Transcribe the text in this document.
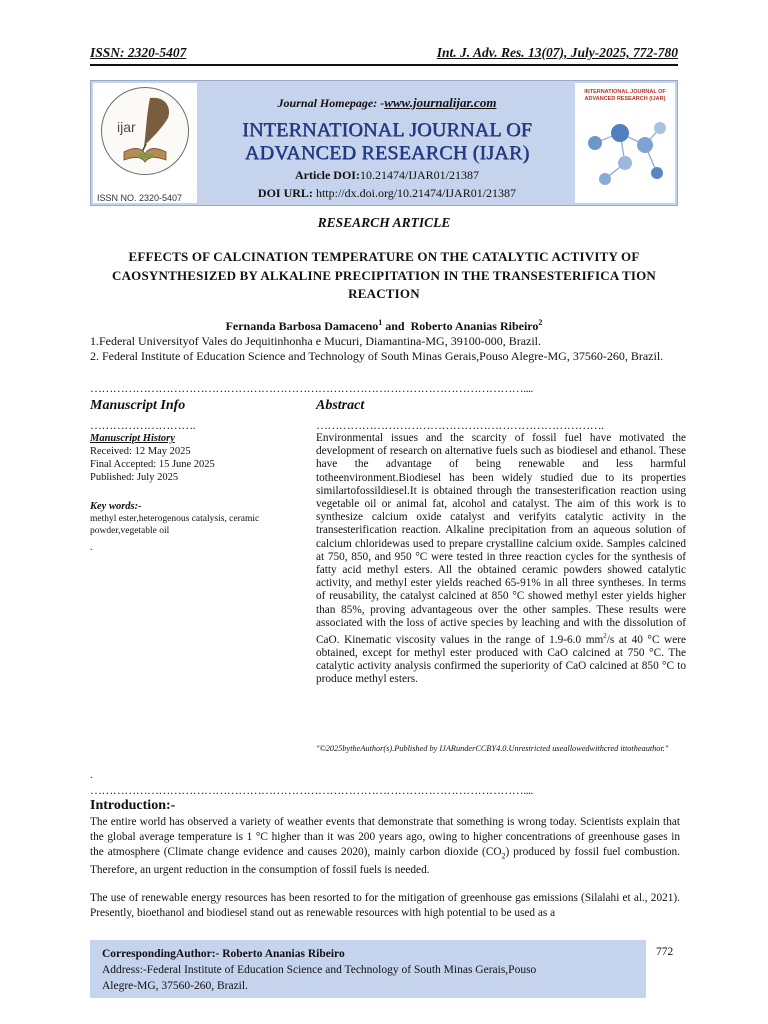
ISSN: 2320-5407	Int. J. Adv. Res. 13(07), July-2025, 772-780
ijar
ISSN NO. 2320-5407
Journal Homepage: -www.journalijar.com
INTERNATIONAL JOURNAL OF
ADVANCED RESEARCH (IJAR)
Article DOI:10.21474/IJAR01/21387
DOI URL: http://dx.doi.org/10.21474/IJAR01/21387
INTERNATIONAL JOURNAL OF ADVANCED RESEARCH (IJAR)
RESEARCH ARTICLE
EFFECTS OF CALCINATION TEMPERATURE ON THE CATALYTIC ACTIVITY OF CAOSYNTHESIZED BY ALKALINE PRECIPITATION IN THE TRANSESTERIFICA TION REACTION
Fernanda Barbosa Damaceno$^1$ and  Roberto Ananias Ribeiro$^2$
1.Federal Universityof Vales do Jequitinhonha e Mucuri, Diamantina-MG, 39100-000, Brazil.
2. Federal Institute of Education Science and Technology of South Minas Gerais,Pouso Alegre-MG, 37560-260, Brazil.
……………………………………………………………………………………………………....
Manuscript Info	Abstract
……………………….	………………………………………………………………….
Manuscript History
Received: 12 May 2025
Final Accepted: 15 June 2025
Published: July 2025
Key words:-
methyl ester,heterogenous catalysis, ceramic powder,vegetable oil
Environmental issues and the scarcity of fossil fuel have motivated the development of research on alternative fuels such as biodiesel and ethanol. These have the advantage of being renewable and less harmful totheenvironment.Biodiesel has been widely studied due to its properties similartofossildiesel.It is obtained through the transesterification reaction using vegetable oil or animal fat, alcohol and catalyst. The aim of this work is to synthesize calcium oxide catalyst and verifyits catalytic activity in the transesterification reaction. Alkaline precipitation from an aqueous solution of calcium chloridewas used to prepare crystalline calcium oxide. Samples calcined at 750, 850, and 950 °C were tested in three reaction cycles for the synthesis of fatty acid methyl esters. All the obtained ceramic powders showed catalytic activity, and methyl ester yields reached 65-91% in all three syntheses. In terms of reusability, the catalyst calcined at 850 °C showed methyl ester yields higher than 85%, proving advantageous over the other samples. These results were associated with the loss of active species by leaching and with the dissolution of CaO. Kinematic viscosity values in the range of 1.9-6.0 $mm^2/s$ at 40 °C were obtained, except for methyl ester produced with CaO calcined at 750 °C. The catalytic activity analysis confirmed the superiority of CaO calcined at 850 °C to produce methyl esters.
"©2025bytheAuthor(s).Published by IJARunderCCBY4.0.Unrestricted useallowedwithcred ittotheauthor."
.
.
……………………………………………………………………………………………………....
Introduction:-
The entire world has observed a variety of weather events that demonstrate that something is wrong today. Scientists explain that the global average temperature is 1 °C higher than it was 200 years ago, owing to higher concentrations of greenhouse gases in the atmosphere (Climate change evidence and causes 2020), mainly carbon dioxide $(CO_2)$ produced by fossil fuel combustion. Therefore, an urgent reduction in the consumption of fossil fuels is needed.
The use of renewable energy resources has been resorted to for the mitigation of greenhouse gas emissions (Silalahi et al., 2021). Presently, bioethanol and biodiesel stand out as renewable resources with high potential to be used as a
CorrespondingAuthor:- Roberto Ananias Ribeiro
Address:-Federal Institute of Education Science and Technology of South Minas Gerais,Pouso
Alegre-MG, 37560-260, Brazil.
772
